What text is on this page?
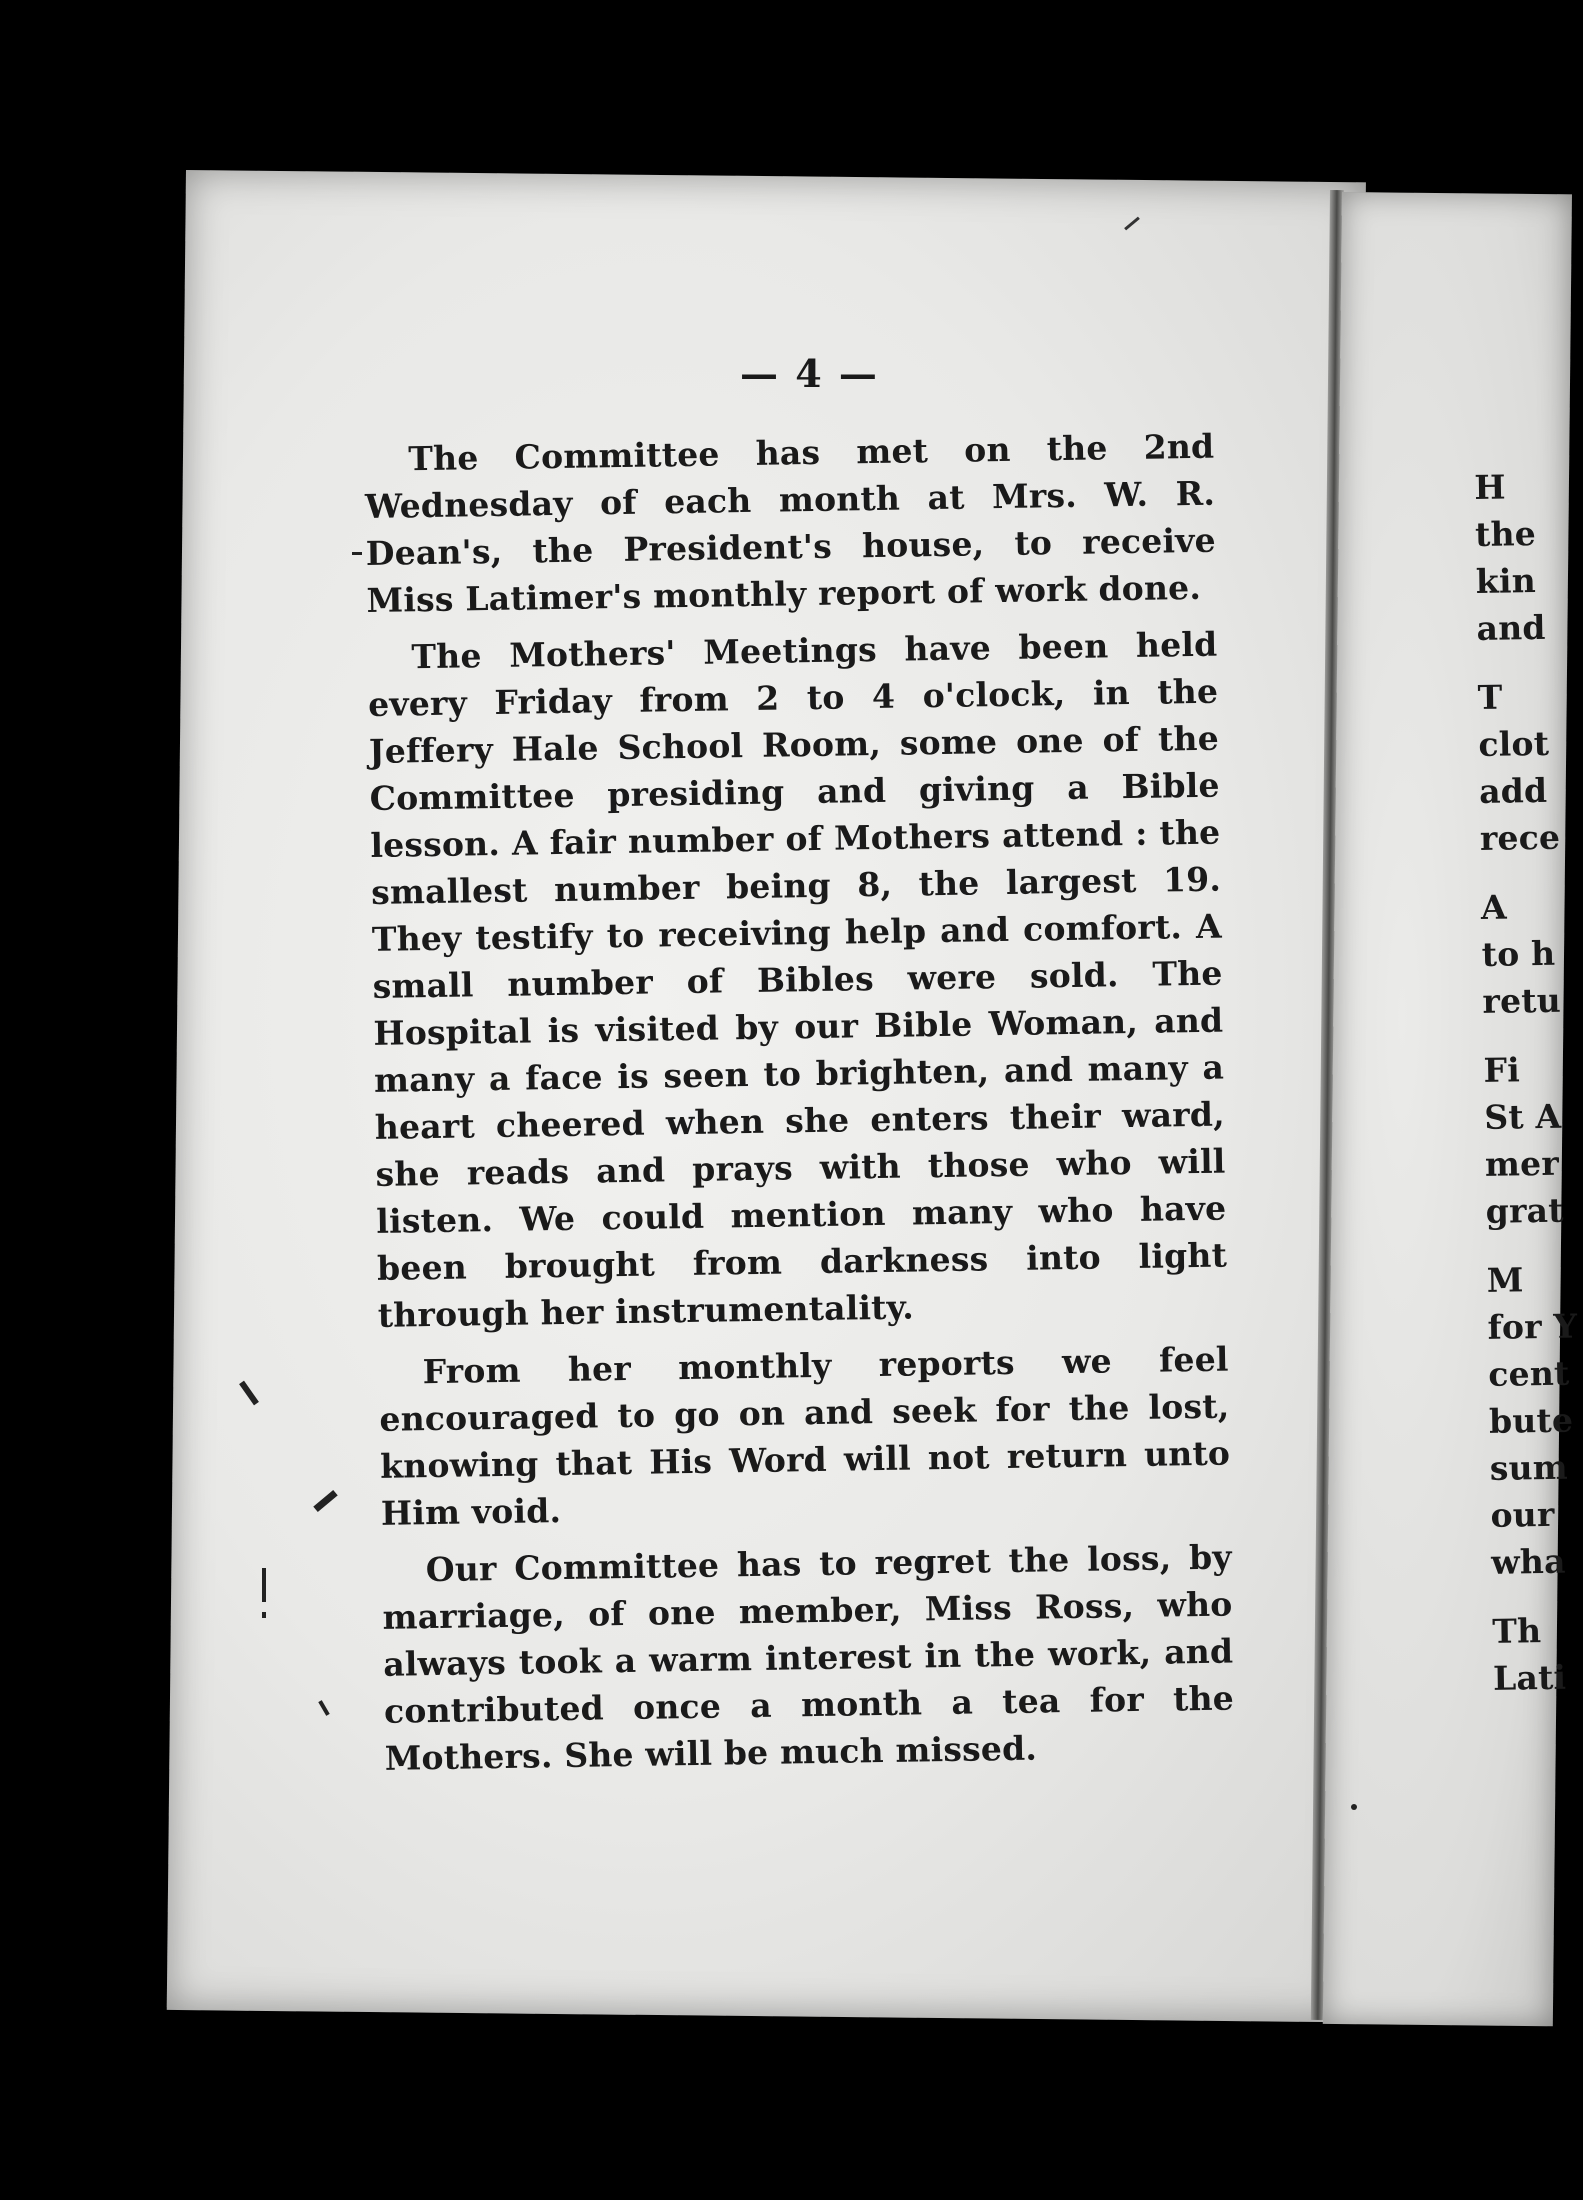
— 4 —

The Committee has met on the 2nd Wednesday of each month at Mrs. W. R. Dean's, the President's house, to receive Miss Latimer's monthly report of work done.

The Mothers' Meetings have been held every Friday from 2 to 4 o'clock, in the Jeffery Hale School Room, some one of the Committee presiding and giving a Bible lesson. A fair number of Mothers attend : the smallest number being 8, the largest 19. They testify to receiving help and comfort. A small number of Bibles were sold. The Hospital is visited by our Bible Woman, and many a face is seen to brighten, and many a heart cheered when she enters their ward, she reads and prays with those who will listen. We could mention many who have been brought from darkness into light through her instrumentality.

From her monthly reports we feel encouraged to go on and seek for the lost, knowing that His Word will not return unto Him void.

Our Committee has to regret the loss, by marriage, of one member, Miss Ross, who always took a warm interest in the work, and contributed once a month a tea for the Mothers. She will be much missed.

H
the
kin
and
T
clot
add
rece
A
to h
retu
Fi
St A
mer
grat
M
for Y
cent
bute
sum
our
wha
Th
Lati
